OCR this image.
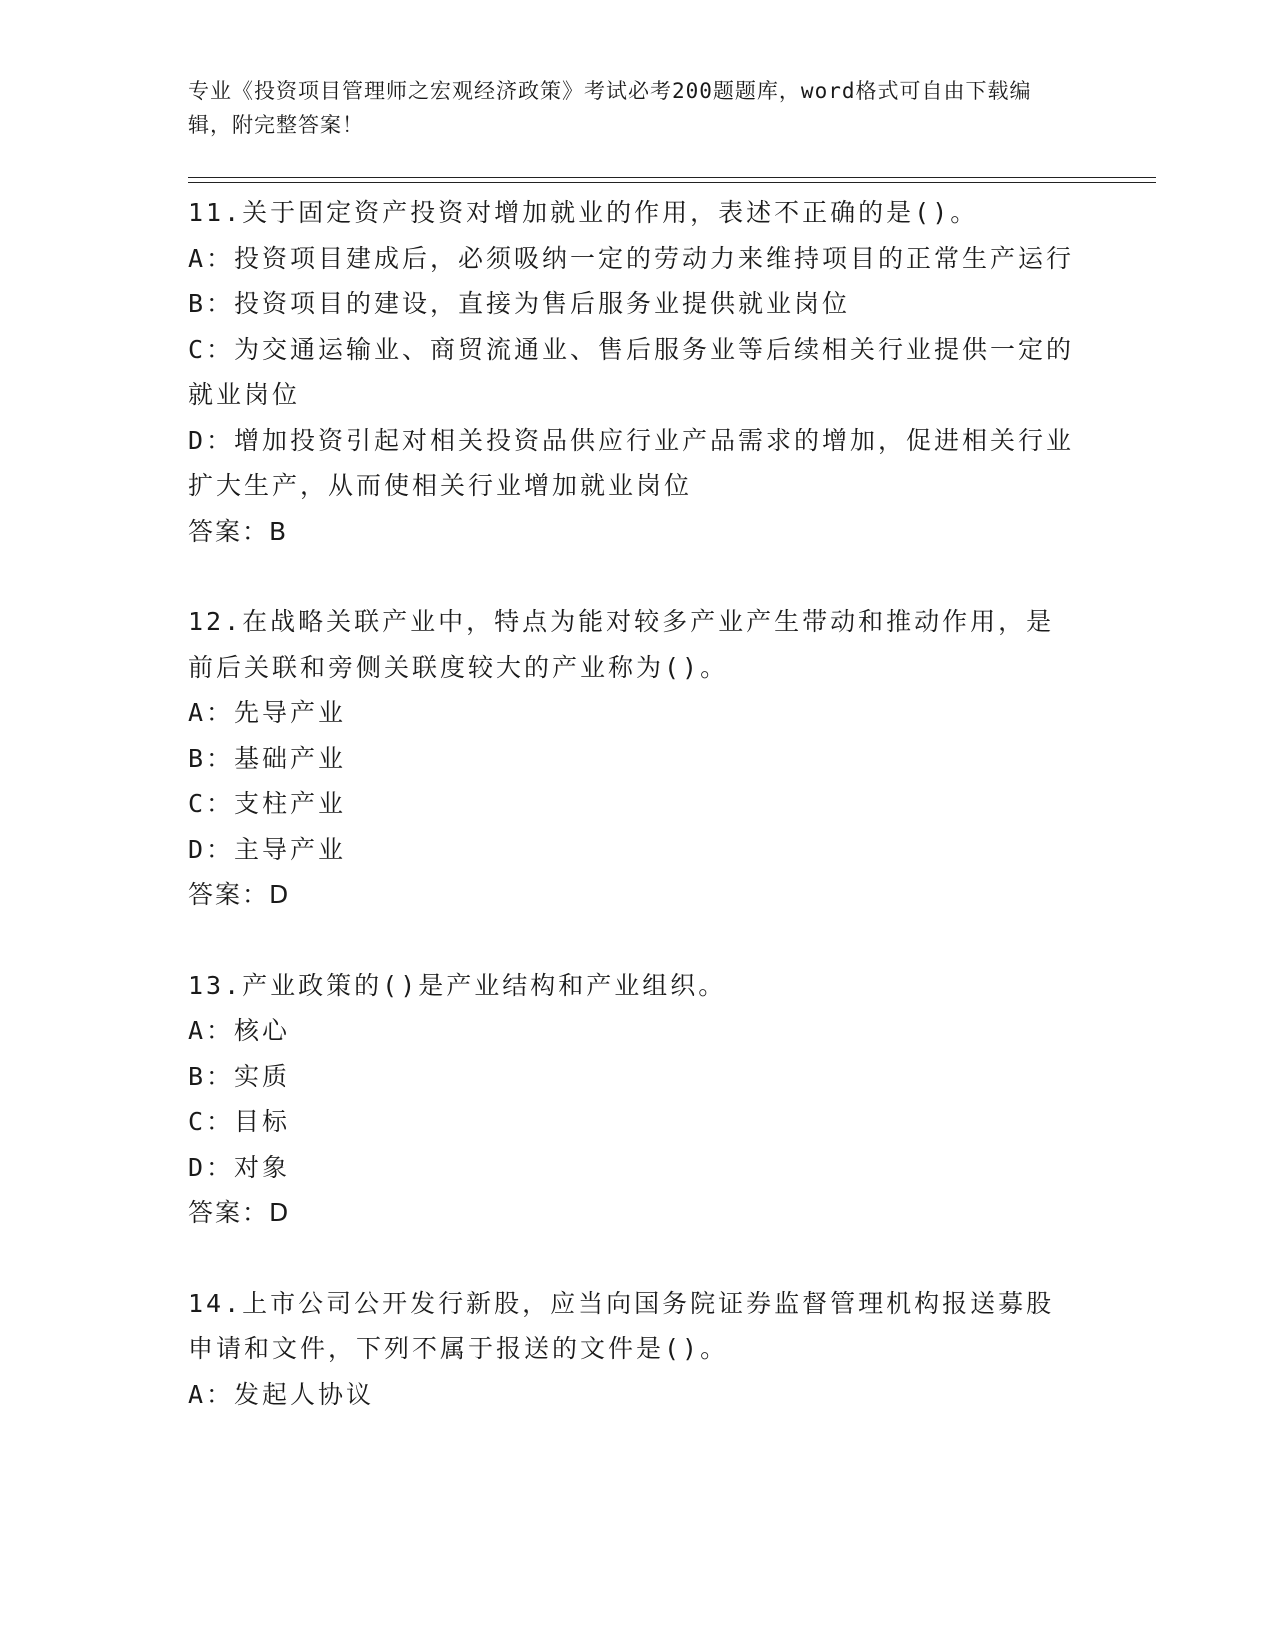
专业《投资项目管理师之宏观经济政策》考试必考200题题库，word格式可自由下载编辑，附完整答案！
11.关于固定资产投资对增加就业的作用，表述不正确的是()。
A：投资项目建成后，必须吸纳一定的劳动力来维持项目的正常生产运行
B：投资项目的建设，直接为售后服务业提供就业岗位
C：为交通运输业、商贸流通业、售后服务业等后续相关行业提供一定的就业岗位
D：增加投资引起对相关投资品供应行业产品需求的增加，促进相关行业扩大生产，从而使相关行业增加就业岗位
答案：B
12.在战略关联产业中，特点为能对较多产业产生带动和推动作用，是前后关联和旁侧关联度较大的产业称为()。
A：先导产业
B：基础产业
C：支柱产业
D：主导产业
答案：D
13.产业政策的()是产业结构和产业组织。
A：核心
B：实质
C：目标
D：对象
答案：D
14.上市公司公开发行新股，应当向国务院证券监督管理机构报送募股申请和文件，下列不属于报送的文件是()。
A：发起人协议
